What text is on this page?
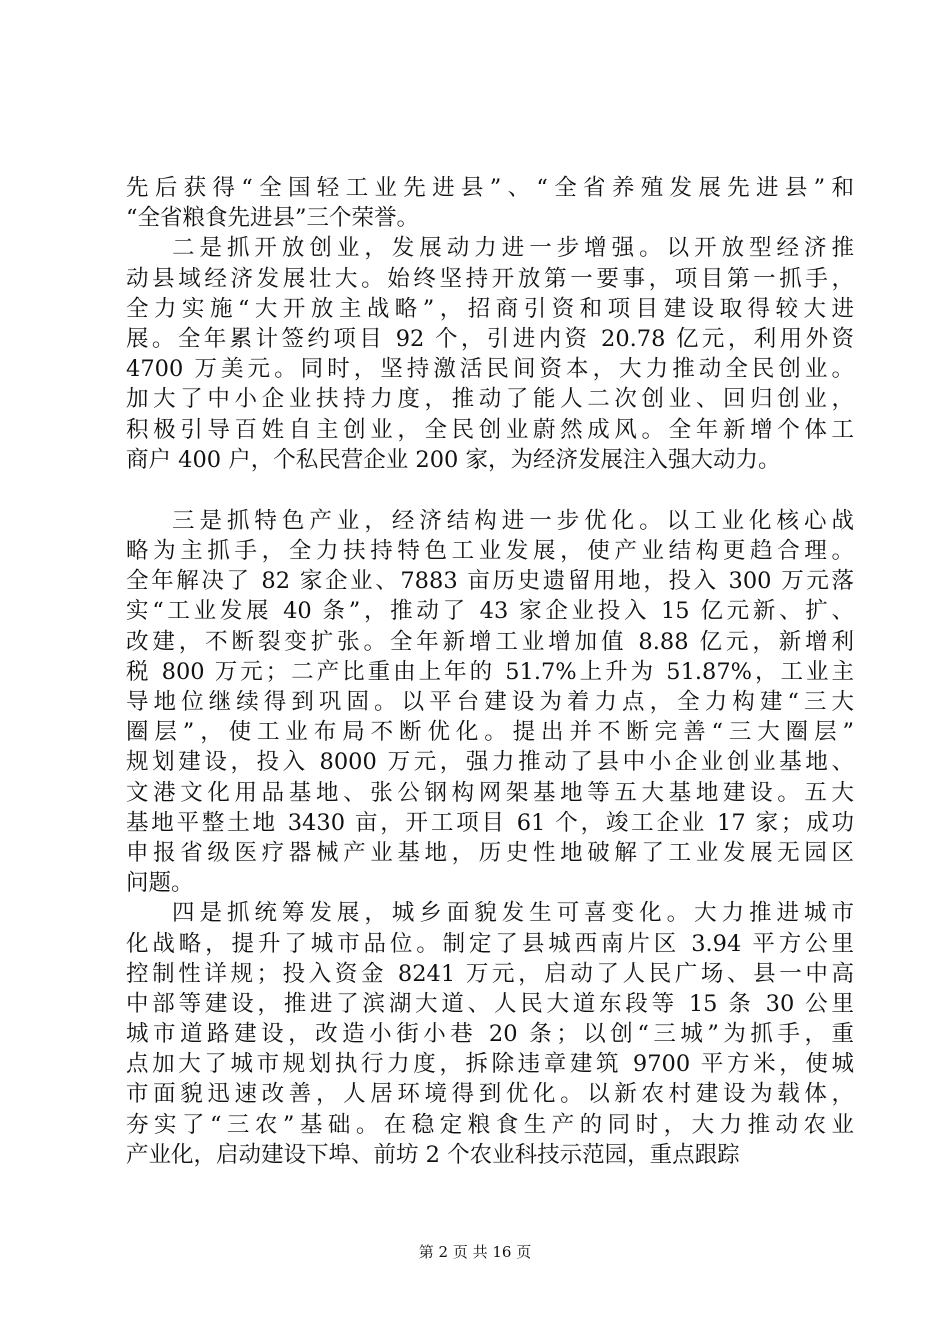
先后获得“全国轻工业先进县”、“全省养殖发展先进县”和
“全省粮食先进县”三个荣誉。
二是抓开放创业，发展动力进一步增强。以开放型经济推
动县域经济发展壮大。始终坚持开放第一要事，项目第一抓手，
全力实施“大开放主战略”，招商引资和项目建设取得较大进
展。全年累计签约项目 92 个，引进内资 20.78 亿元，利用外资
4700 万美元。同时，坚持激活民间资本，大力推动全民创业。
加大了中小企业扶持力度，推动了能人二次创业、回归创业，
积极引导百姓自主创业，全民创业蔚然成风。全年新增个体工
商户 400 户，个私民营企业 200 家，为经济发展注入强大动力。
三是抓特色产业，经济结构进一步优化。以工业化核心战
略为主抓手，全力扶持特色工业发展，使产业结构更趋合理。
全年解决了 82 家企业、7883 亩历史遗留用地，投入 300 万元落
实“工业发展 40 条”，推动了 43 家企业投入 15 亿元新、扩、
改建，不断裂变扩张。全年新增工业增加值 8.88 亿元，新增利
税 800 万元；二产比重由上年的 51.7%上升为 51.87%，工业主
导地位继续得到巩固。以平台建设为着力点，全力构建“三大
圈层”，使工业布局不断优化。提出并不断完善“三大圈层”
规划建设，投入 8000 万元，强力推动了县中小企业创业基地、
文港文化用品基地、张公钢构网架基地等五大基地建设。五大
基地平整土地 3430 亩，开工项目 61 个，竣工企业 17 家；成功
申报省级医疗器械产业基地，历史性地破解了工业发展无园区
问题。
四是抓统筹发展，城乡面貌发生可喜变化。大力推进城市
化战略，提升了城市品位。制定了县城西南片区 3.94 平方公里
控制性详规；投入资金 8241 万元，启动了人民广场、县一中高
中部等建设，推进了滨湖大道、人民大道东段等 15 条 30 公里
城市道路建设，改造小街小巷 20 条；以创“三城”为抓手，重
点加大了城市规划执行力度，拆除违章建筑 9700 平方米，使城
市面貌迅速改善，人居环境得到优化。以新农村建设为载体，
夯实了“三农”基础。在稳定粮食生产的同时，大力推动农业
产业化，启动建设下埠、前坊 2 个农业科技示范园，重点跟踪
第 2 页 共 16 页
